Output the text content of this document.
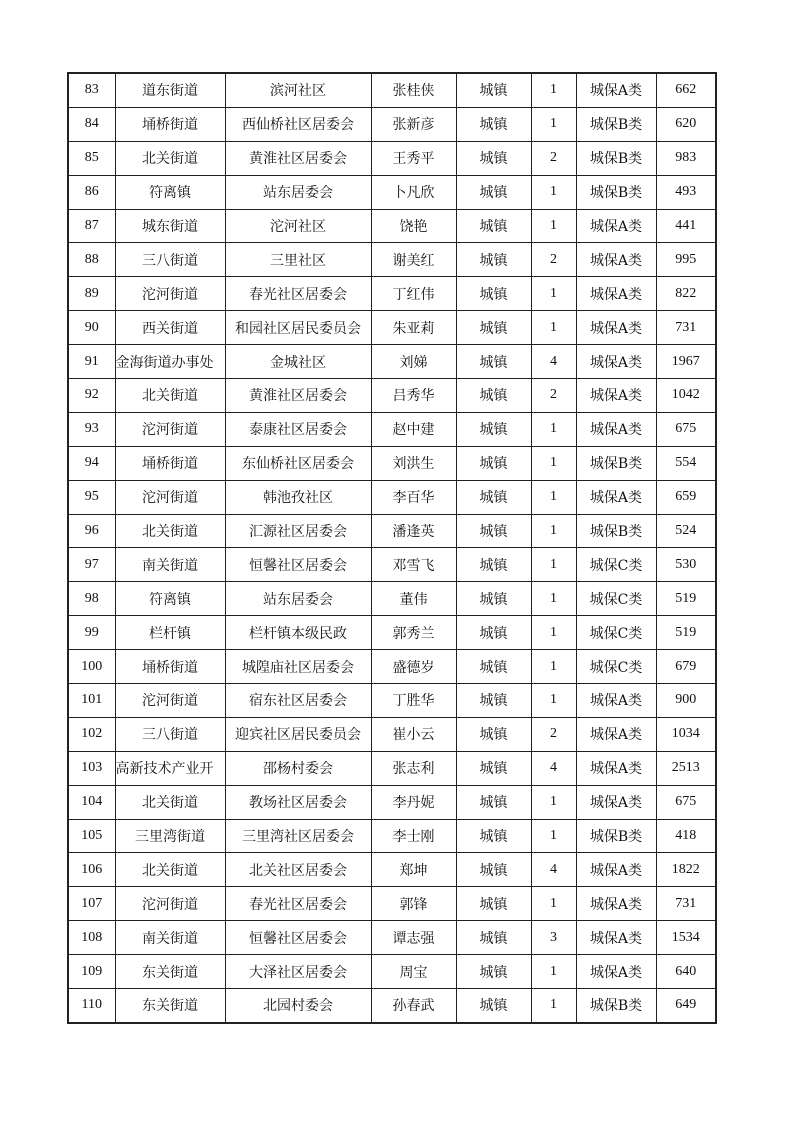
83	道东街道	滨河社区	张桂侠	城镇	1	城保A类	662
84	埇桥街道	西仙桥社区居委会	张新彦	城镇	1	城保B类	620
85	北关街道	黄淮社区居委会	王秀平	城镇	2	城保B类	983
86	符离镇	站东居委会	卜凡欣	城镇	1	城保B类	493
87	城东街道	沱河社区	饶艳	城镇	1	城保A类	441
88	三八街道	三里社区	谢美红	城镇	2	城保A类	995
89	沱河街道	春光社区居委会	丁红伟	城镇	1	城保A类	822
90	西关街道	和园社区居民委员会	朱亚莉	城镇	1	城保A类	731
91	金海街道办事处	金城社区	刘娣	城镇	4	城保A类	1967
92	北关街道	黄淮社区居委会	吕秀华	城镇	2	城保A类	1042
93	沱河街道	泰康社区居委会	赵中建	城镇	1	城保A类	675
94	埇桥街道	东仙桥社区居委会	刘洪生	城镇	1	城保B类	554
95	沱河街道	韩池孜社区	李百华	城镇	1	城保A类	659
96	北关街道	汇源社区居委会	潘逢英	城镇	1	城保B类	524
97	南关街道	恒馨社区居委会	邓雪飞	城镇	1	城保C类	530
98	符离镇	站东居委会	董伟	城镇	1	城保C类	519
99	栏杆镇	栏杆镇本级民政	郭秀兰	城镇	1	城保C类	519
100	埇桥街道	城隍庙社区居委会	盛德岁	城镇	1	城保C类	679
101	沱河街道	宿东社区居委会	丁胜华	城镇	1	城保A类	900
102	三八街道	迎宾社区居民委员会	崔小云	城镇	2	城保A类	1034
103	高新技术产业开	邵杨村委会	张志利	城镇	4	城保A类	2513
104	北关街道	教场社区居委会	李丹妮	城镇	1	城保A类	675
105	三里湾街道	三里湾社区居委会	李士刚	城镇	1	城保B类	418
106	北关街道	北关社区居委会	郑坤	城镇	4	城保A类	1822
107	沱河街道	春光社区居委会	郭锋	城镇	1	城保A类	731
108	南关街道	恒馨社区居委会	谭志强	城镇	3	城保A类	1534
109	东关街道	大泽社区居委会	周宝	城镇	1	城保A类	640
110	东关街道	北园村委会	孙春武	城镇	1	城保B类	649
